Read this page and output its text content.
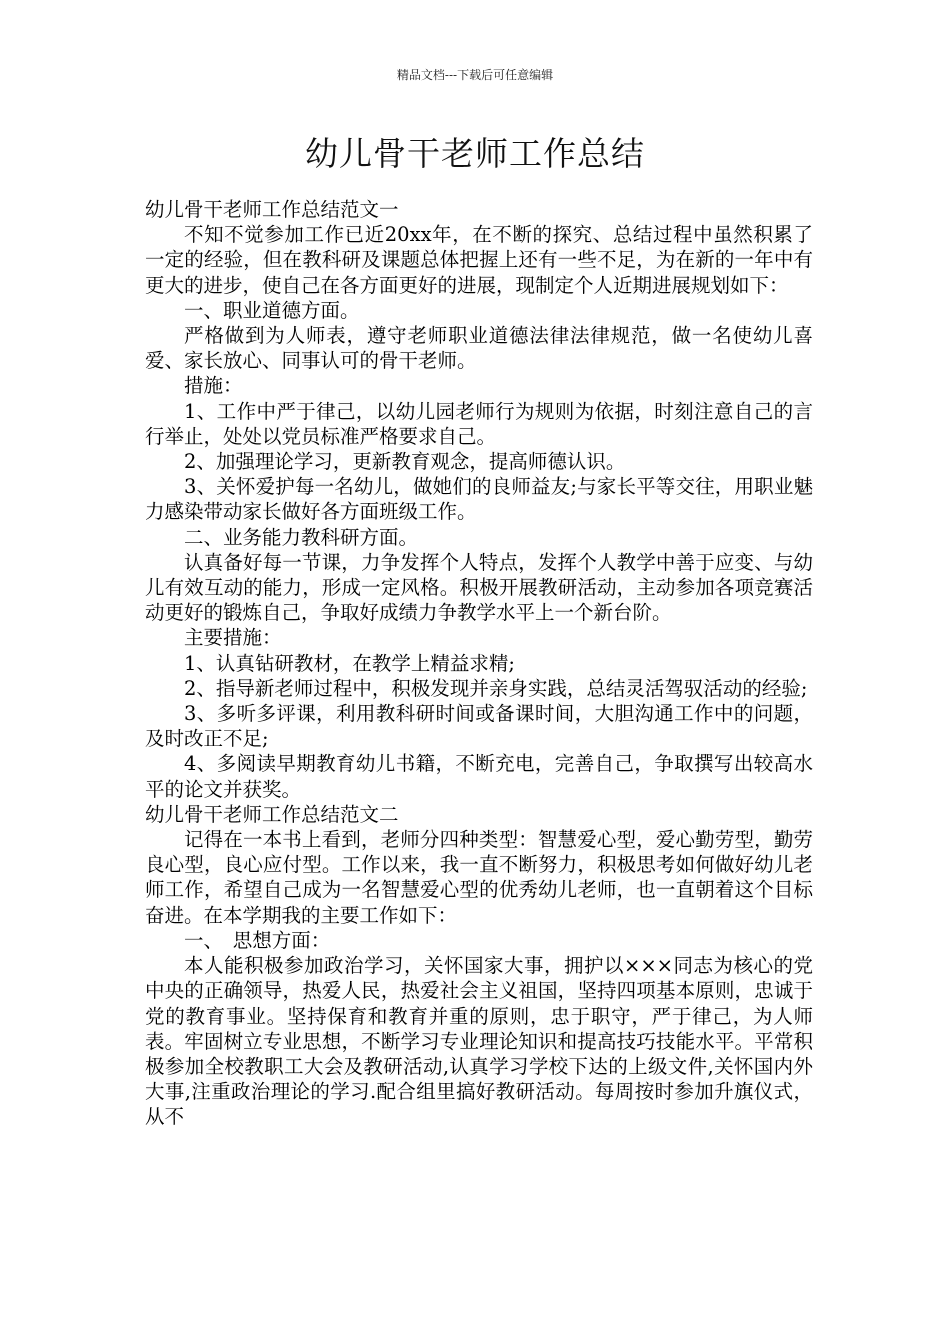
精品文档---下载后可任意编辑
幼儿骨干老师工作总结

幼儿骨干老师工作总结范文一

不知不觉参加工作已近20xx年，在不断的探究、总结过程中虽然积累了一定的经验，但在教科研及课题总体把握上还有一些不足，为在新的一年中有更大的进步，使自己在各方面更好的进展，现制定个人近期进展规划如下：

一、职业道德方面。

严格做到为人师表，遵守老师职业道德法律法律规范，做一名使幼儿喜爱、家长放心、同事认可的骨干老师。

措施：

1、工作中严于律己，以幼儿园老师行为规则为依据，时刻注意自己的言行举止，处处以党员标准严格要求自己。

2、加强理论学习，更新教育观念，提高师德认识。

3、关怀爱护每一名幼儿，做她们的良师益友;与家长平等交往，用职业魅力感染带动家长做好各方面班级工作。

二、业务能力教科研方面。

认真备好每一节课，力争发挥个人特点，发挥个人教学中善于应变、与幼儿有效互动的能力，形成一定风格。积极开展教研活动，主动参加各项竞赛活动更好的锻炼自己，争取好成绩力争教学水平上一个新台阶。

主要措施：

1、认真钻研教材，在教学上精益求精;

2、指导新老师过程中，积极发现并亲身实践，总结灵活驾驭活动的经验;

3、多听多评课，利用教科研时间或备课时间，大胆沟通工作中的问题，及时改正不足;

4、多阅读早期教育幼儿书籍，不断充电，完善自己，争取撰写出较高水平的论文并获奖。

幼儿骨干老师工作总结范文二

记得在一本书上看到，老师分四种类型：智慧爱心型，爱心勤劳型，勤劳良心型，良心应付型。工作以来，我一直不断努力，积极思考如何做好幼儿老师工作，希望自己成为一名智慧爱心型的优秀幼儿老师，也一直朝着这个目标奋进。在本学期我的主要工作如下：

一、　思想方面：

本人能积极参加政治学习，关怀国家大事，拥护以×××同志为核心的党中央的正确领导，热爱人民，热爱社会主义祖国，坚持四项基本原则，忠诚于党的教育事业。坚持保育和教育并重的原则，忠于职守，严于律己，为人师表。牢固树立专业思想，不断学习专业理论知识和提高技巧技能水平。平常积极参加全校教职工大会及教研活动,认真学习学校下达的上级文件,关怀国内外大事,注重政治理论的学习.配合组里搞好教研活动。每周按时参加升旗仪式，从不
